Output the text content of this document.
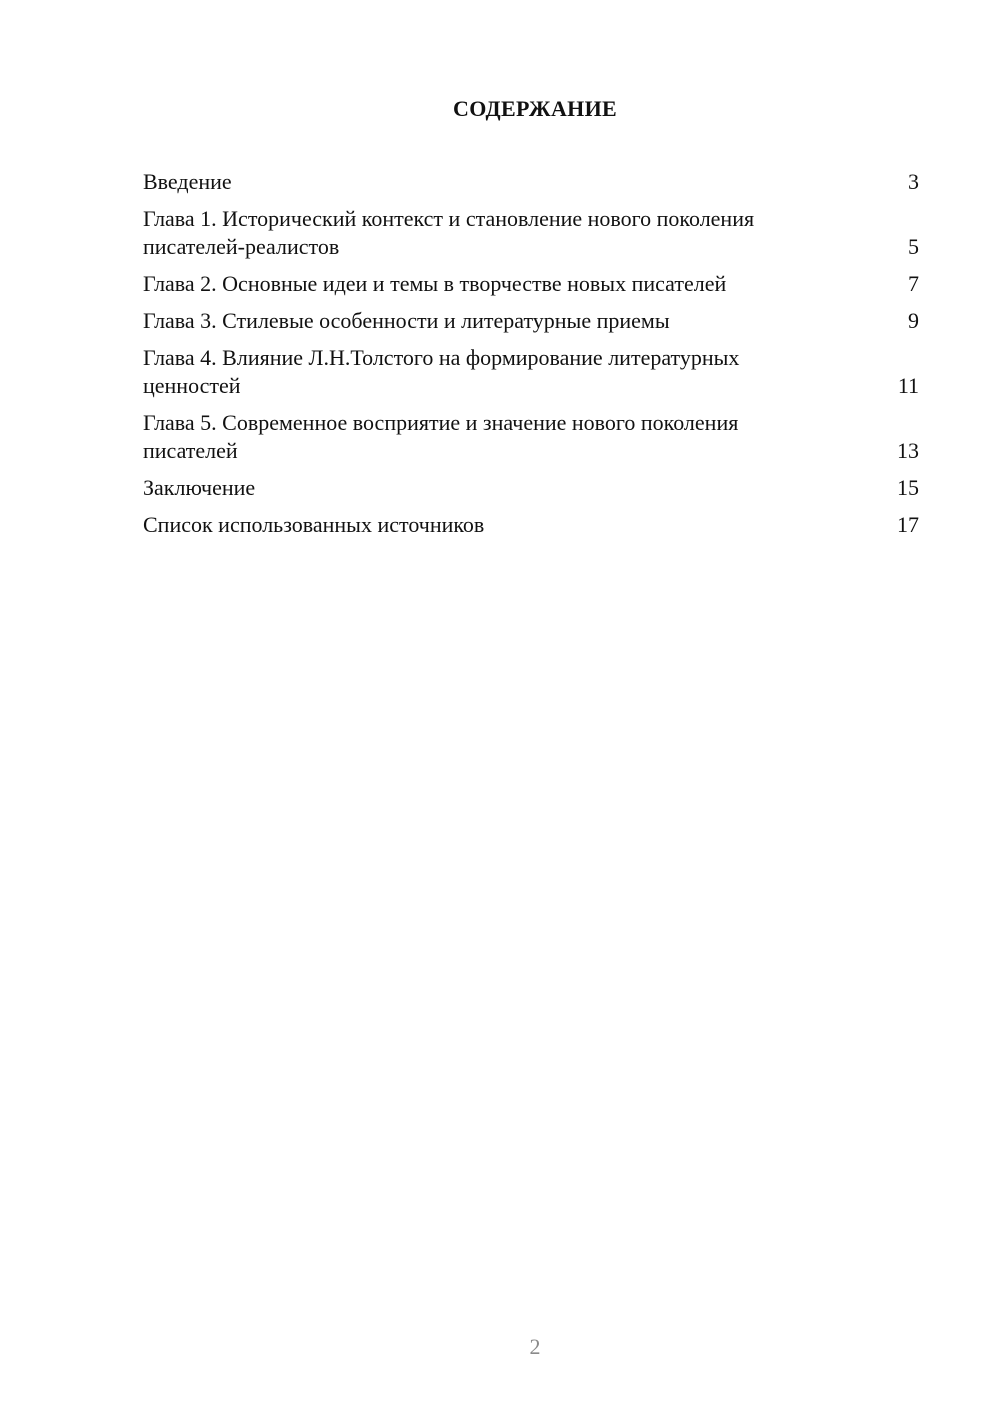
СОДЕРЖАНИЕ
Введение	3
Глава 1. Исторический контекст и становление нового поколения писателей-реалистов	5
Глава 2. Основные идеи и темы в творчестве новых писателей	7
Глава 3. Стилевые особенности и литературные приемы	9
Глава 4. Влияние Л.Н.Толстого на формирование литературных ценностей	11
Глава 5. Современное восприятие и значение нового поколения писателей	13
Заключение	15
Список использованных источников	17
2
